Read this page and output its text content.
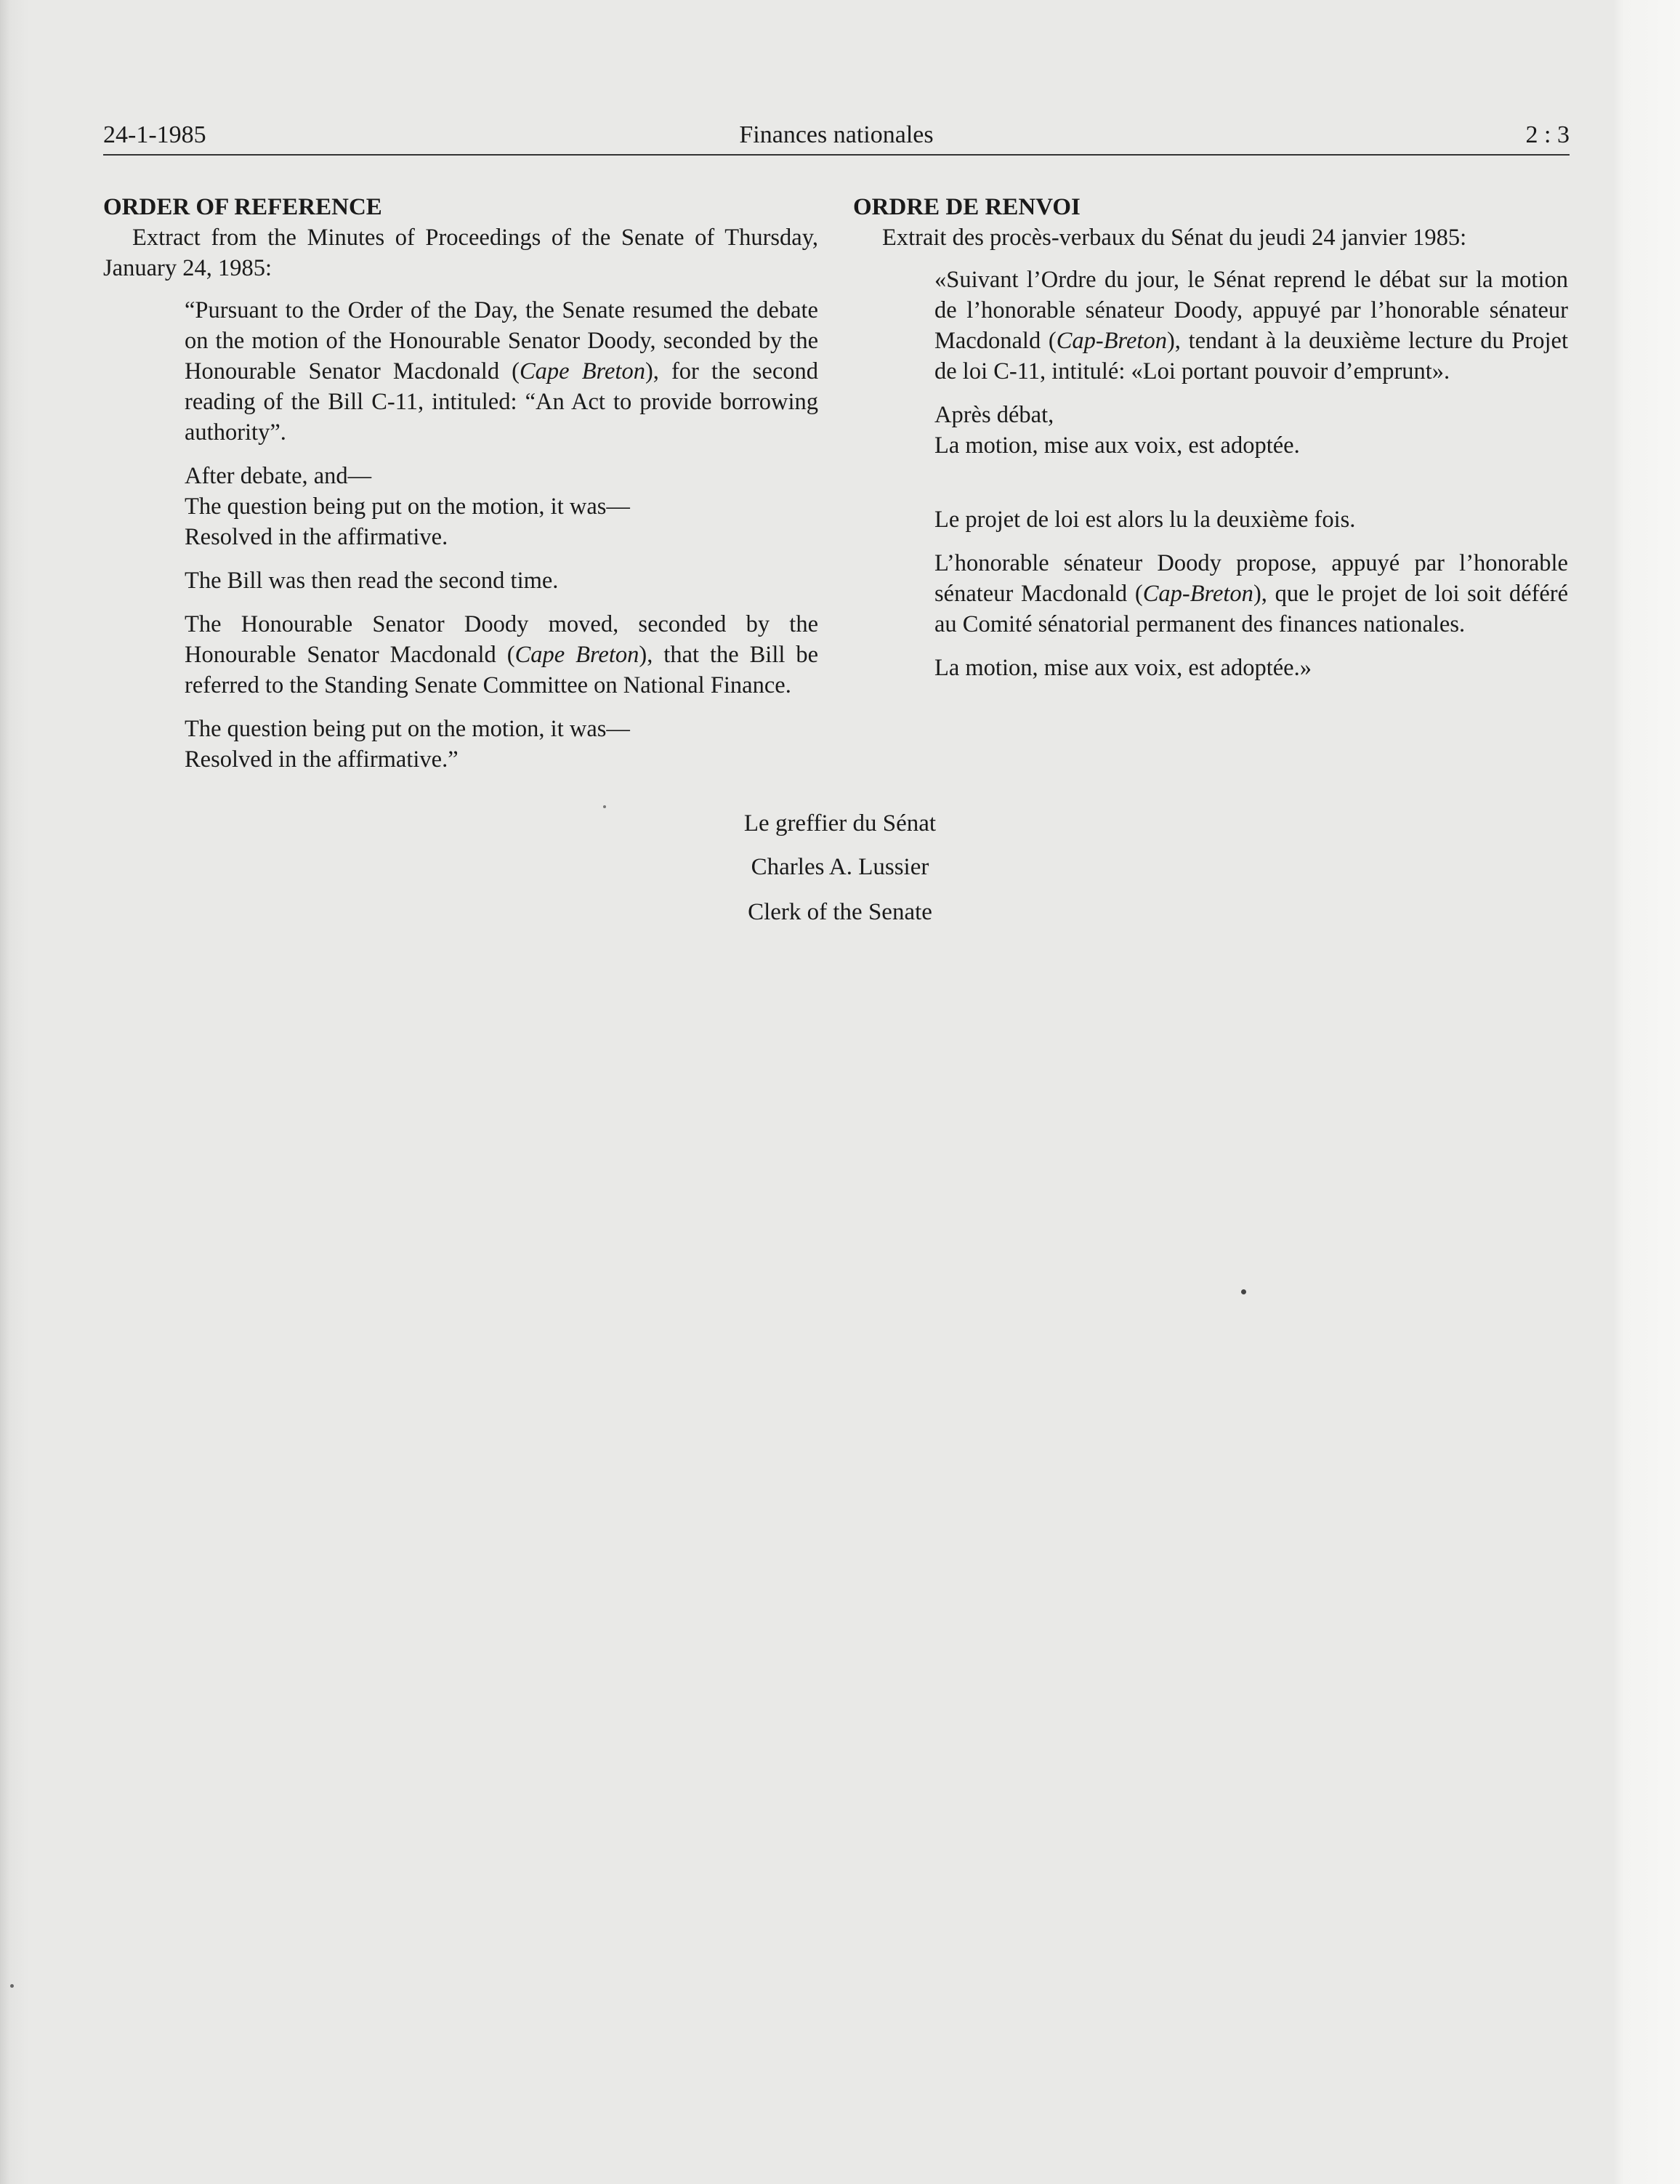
24-1-1985	Finances nationales	2 : 3
ORDER OF REFERENCE

Extract from the Minutes of Proceedings of the Senate of Thursday, January 24, 1985:

“Pursuant to the Order of the Day, the Senate resumed the debate on the motion of the Honourable Senator Doody, seconded by the Honourable Senator Macdonald (Cape Breton), for the second reading of the Bill C-11, intituled: “An Act to provide borrowing authority”.

After debate, and—

The question being put on the motion, it was—

Resolved in the affirmative.

The Bill was then read the second time.

The Honourable Senator Doody moved, seconded by the Honourable Senator Macdonald (Cape Breton), that the Bill be referred to the Standing Senate Committee on National Finance.

The question being put on the motion, it was—

Resolved in the affirmative.”

ORDRE DE RENVOI

Extrait des procès-verbaux du Sénat du jeudi 24 janvier 1985:

«Suivant l’Ordre du jour, le Sénat reprend le débat sur la motion de l’honorable sénateur Doody, appuyé par l’honorable sénateur Macdonald (Cap-Breton), tendant à la deuxième lecture du Projet de loi C-11, intitulé: «Loi portant pouvoir d’emprunt».

Après débat,

La motion, mise aux voix, est adoptée.

Le projet de loi est alors lu la deuxième fois.

L’honorable sénateur Doody propose, appuyé par l’honorable sénateur Macdonald (Cap-Breton), que le projet de loi soit déféré au Comité sénatorial permanent des finances nationales.

La motion, mise aux voix, est adoptée.»

Le greffier du Sénat
Charles A. Lussier
Clerk of the Senate
